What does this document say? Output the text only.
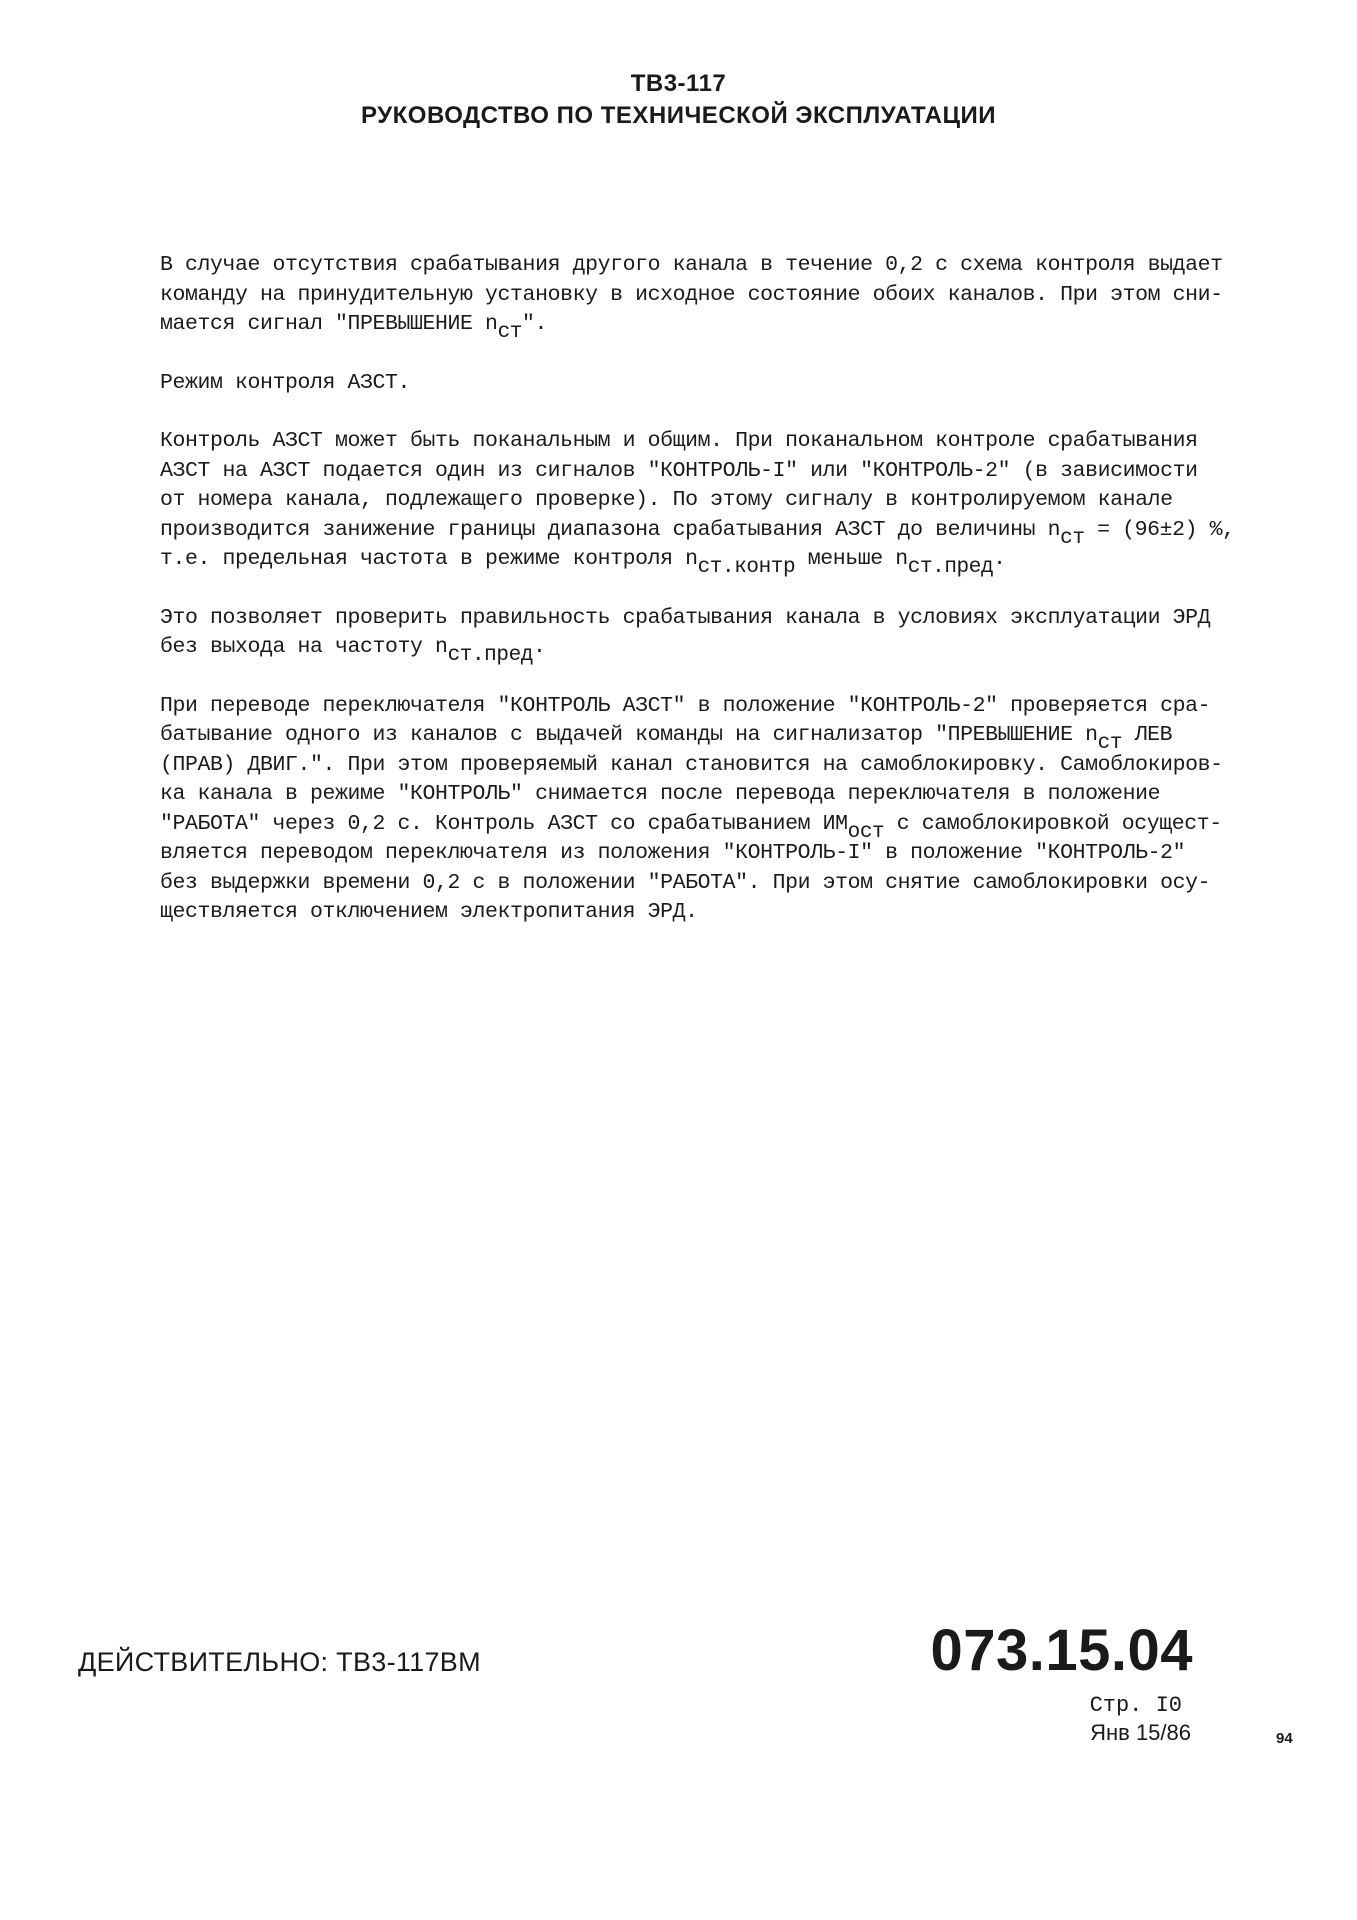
ТВ3-117
РУКОВОДСТВО ПО ТЕХНИЧЕСКОЙ ЭКСПЛУАТАЦИИ

В случае отсутствия срабатывания другого канала в течение 0,2 с схема контроля выдает
команду на принудительную установку в исходное состояние обоих каналов. При этом сни-
мается сигнал "ПРЕВЫШЕНИЕ $n_{ст}$".

Режим контроля АЗСТ.

Контроль АЗСТ может быть поканальным и общим. При поканальном контроле срабатывания
АЗСТ на АЗСТ подается один из сигналов "КОНТРОЛЬ-I" или "КОНТРОЛЬ-2" (в зависимости
от номера канала, подлежащего проверке). По этому сигналу в контролируемом канале
производится занижение границы диапазона срабатывания АЗСТ до величины $n_{ст} = (96\pm 2)$ %,
т.е. предельная частота в режиме контроля $n_{ст.контр}$ меньше $n_{ст.пред}$.

Это позволяет проверить правильность срабатывания канала в условиях эксплуатации ЭРД
без выхода на частоту $n_{ст.пред}$.

При переводе переключателя "КОНТРОЛЬ АЗСТ" в положение "КОНТРОЛЬ-2" проверяется сра-
батывание одного из каналов с выдачей команды на сигнализатор "ПРЕВЫШЕНИЕ $n_{ст}$ ЛЕВ
(ПРАВ) ДВИГ.". При этом проверяемый канал становится на самоблокировку. Самоблокиров-
ка канала в режиме "КОНТРОЛЬ" снимается после перевода переключателя в положение
"РАБОТА" через 0,2 с. Контроль АЗСТ со срабатыванием $ИМ_{ост}$ с самоблокировкой осущест-
вляется переводом переключателя из положения "КОНТРОЛЬ-I" в положение "КОНТРОЛЬ-2"
без выдержки времени 0,2 с в положении "РАБОТА". При этом снятие самоблокировки осу-
ществляется отключением электропитания ЭРД.

ДЕЙСТВИТЕЛЬНО: ТВ3-117ВМ	073.15.04
Стр. I0
Янв 15/86	94
